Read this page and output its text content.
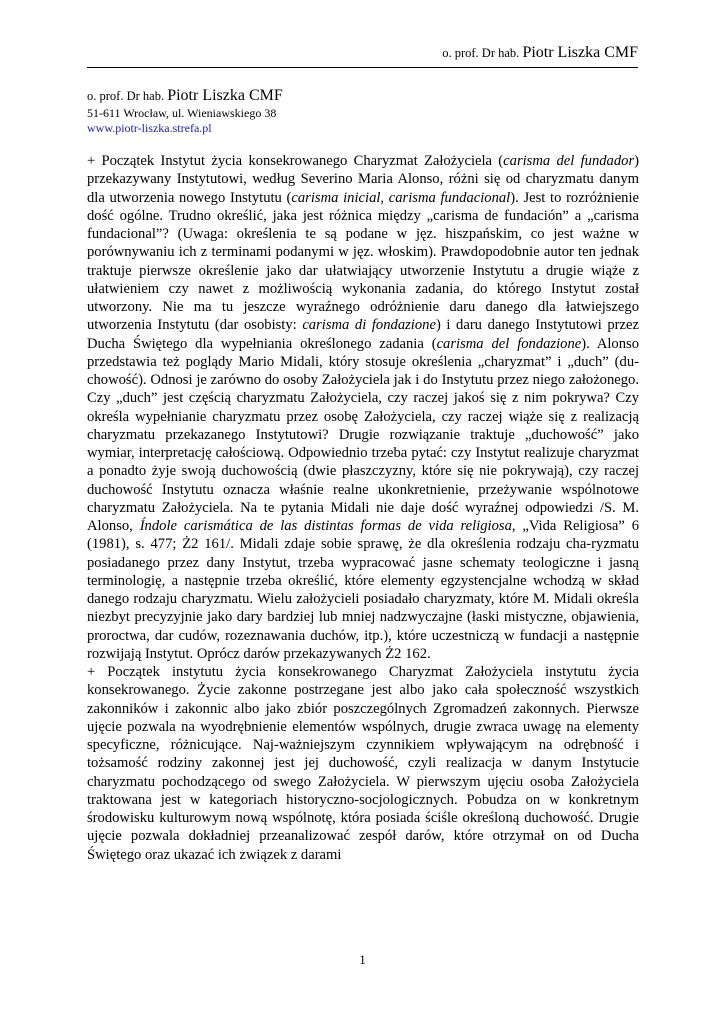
o. prof. Dr hab. Piotr Liszka CMF
o. prof. Dr hab. Piotr Liszka CMF
51-611 Wrocław, ul. Wieniawskiego 38
www.piotr-liszka.strefa.pl

+ Początek Instytut życia konsekrowanego Charyzmat Założyciela (carisma del fundador) przekazywany Instytutowi, według Severino Maria Alonso, różni się od charyzmatu danym dla utworzenia nowego Instytutu (carisma inicial, carisma fundacional). Jest to rozróżnienie dość ogólne. Trudno określić, jaka jest różnica między „carisma de fundación” a „carisma fundacional”? (Uwaga: określenia te są podane w jęz. hiszpańskim, co jest ważne w porównywaniu ich z terminami podanymi w jęz. włoskim). Prawdopodobnie autor ten jednak traktuje pierwsze określenie jako dar ułatwiający utworzenie Instytutu a drugie wiąże z ułatwieniem czy nawet z możliwością wykonania zadania, do którego Instytut został utworzony. Nie ma tu jeszcze wyraźnego odróżnienie daru danego dla łatwiejszego utworzenia Instytutu (dar osobisty: carisma di fondazione) i daru danego Instytutowi przez Ducha Świętego dla wypełniania określonego zadania (carisma del fondazione). Alonso przedstawia też poglądy Mario Midali, który stosuje określenia „charyzmat” i „duch” (du-chowość). Odnosi je zarówno do osoby Założyciela jak i do Instytutu przez niego założonego. Czy „duch” jest częścią charyzmatu Założyciela, czy raczej jakoś się z nim pokrywa? Czy określa wypełnianie charyzmatu przez osobę Założyciela, czy raczej wiąże się z realizacją charyzmatu przekazanego Instytutowi? Drugie rozwiązanie traktuje „duchowość” jako wymiar, interpretację całościową. Odpowiednio trzeba pytać: czy Instytut realizuje charyzmat a ponadto żyje swoją duchowością (dwie płaszczyzny, które się nie pokrywają), czy raczej duchowość Instytutu oznacza właśnie realne ukonkretnienie, przeżywanie wspólnotowe charyzmatu Założyciela. Na te pytania Midali nie daje dość wyraźnej odpowiedzi /S. M. Alonso, Índole carismática de las distintas formas de vida religiosa, „Vida Religiosa” 6 (1981), s. 477; Ż2 161/. Midali zdaje sobie sprawę, że dla określenia rodzaju cha-ryzmatu posiadanego przez dany Instytut, trzeba wypracować jasne schematy teologiczne i jasną terminologię, a następnie trzeba określić, które elementy egzystencjalne wchodzą w skład danego rodzaju charyzmatu. Wielu założycieli posiadało charyzmaty, które M. Midali określa niezbyt precyzyjnie jako dary bardziej lub mniej nadzwyczajne (łaski mistyczne, objawienia, proroctwa, dar cudów, rozeznawania duchów, itp.), które uczestniczą w fundacji a następnie rozwijają Instytut. Oprócz darów przekazywanych Ż2 162.

+ Początek instytutu życia konsekrowanego Charyzmat Założyciela instytutu życia konsekrowanego. Życie zakonne postrzegane jest albo jako cała społeczność wszystkich zakonników i zakonnic albo jako zbiór poszczególnych Zgromadzeń zakonnych. Pierwsze ujęcie pozwala na wyodrębnienie elementów wspólnych, drugie zwraca uwagę na elementy specyficzne, różnicujące. Naj-ważniejszym czynnikiem wpływającym na odrębność i tożsamość rodziny zakonnej jest jej duchowość, czyli realizacja w danym Instytucie charyzmatu pochodzącego od swego Założyciela. W pierwszym ujęciu osoba Założyciela traktowana jest w kategoriach historyczno-socjologicznych. Pobudza on w konkretnym środowisku kulturowym nową wspólnotę, która posiada ściśle określoną duchowość. Drugie ujęcie pozwala dokładniej przeanalizować zespół darów, które otrzymał on od Ducha Świętego oraz ukazać ich związek z darami

1
